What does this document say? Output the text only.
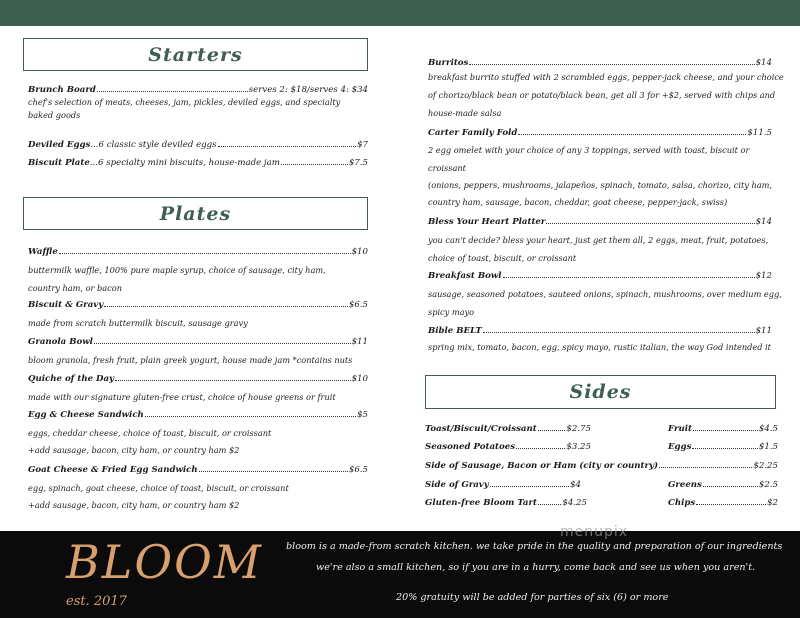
Starters
Brunch Board	serves 2: $18/serves 4: $34
chef's selection of meats, cheeses, jam, pickles, deviled eggs, and specialty baked goods
Deviled Eggs ...6 classic style deviled eggs	$7
Biscuit Plate ...6 specialty mini biscuits, house-made jam	$7.5
Plates
Waffle	$10
buttermilk waffle, 100% pure maple syrup, choice of sausage, city ham, country ham, or bacon
Biscuit & Gravy	$6.5
made from scratch buttermilk biscuit, sausage gravy
Granola Bowl	$11
bloom granola, fresh fruit, plain greek yogurt, house made jam *contains nuts
Quiche of the Day	$10
made with our signature gluten-free crust, choice of house greens or fruit
Egg & Cheese Sandwich	$5
eggs, cheddar cheese, choice of toast, biscuit, or croissant
+add sausage, bacon, city ham, or country ham $2
Goat Cheese & Fried Egg Sandwich	$6.5
egg, spinach, goat cheese, choice of toast, biscuit, or croissant
+add sausage, bacon, city ham, or country ham $2
Burritos	$14
breakfast burrito stuffed with 2 scrambled eggs, pepper-jack cheese, and your choice
of chorizo/black bean or potato/black bean, get all 3 for +$2, served with chips and
house-made salsa
Carter Family Fold	$11.5
2 egg omelet with your choice of any 3 toppings, served with toast, biscuit or
croissant
(onions, peppers, mushrooms, jalapeños, spinach, tomato, salsa, chorizo, city ham,
country ham, sausage, bacon, cheddar, goat cheese, pepper-jack, swiss)
Bless Your Heart Platter	$14
you can't decide? bless your heart, just get them all, 2 eggs, meat, fruit, potatoes,
choice of toast, biscuit, or croissant
Breakfast Bowl	$12
sausage, seasoned potatoes, sauteed onions, spinach, mushrooms, over medium egg,
spicy mayo
Bible BELT	$11
spring mix, tomato, bacon, egg, spicy mayo, rustic italian, the way God intended it
Sides
Toast/Biscuit/Croissant	$2.75	Fruit	$4.5
Seasoned Potatoes	$3.25	Eggs	$1.5
Side of Sausage, Bacon or Ham (city or country)	$2.25
Side of Gravy	$4	Greens	$2.5
Gluten-free Bloom Tart	$4.25	Chips	$2
BLOOM
est. 2017
bloom is a made-from scratch kitchen. we take pride in the quality and preparation of our ingredients
we're also a small kitchen, so if you are in a hurry, come back and see us when you aren't.
20% gratuity will be added for parties of six (6) or more
menupix
